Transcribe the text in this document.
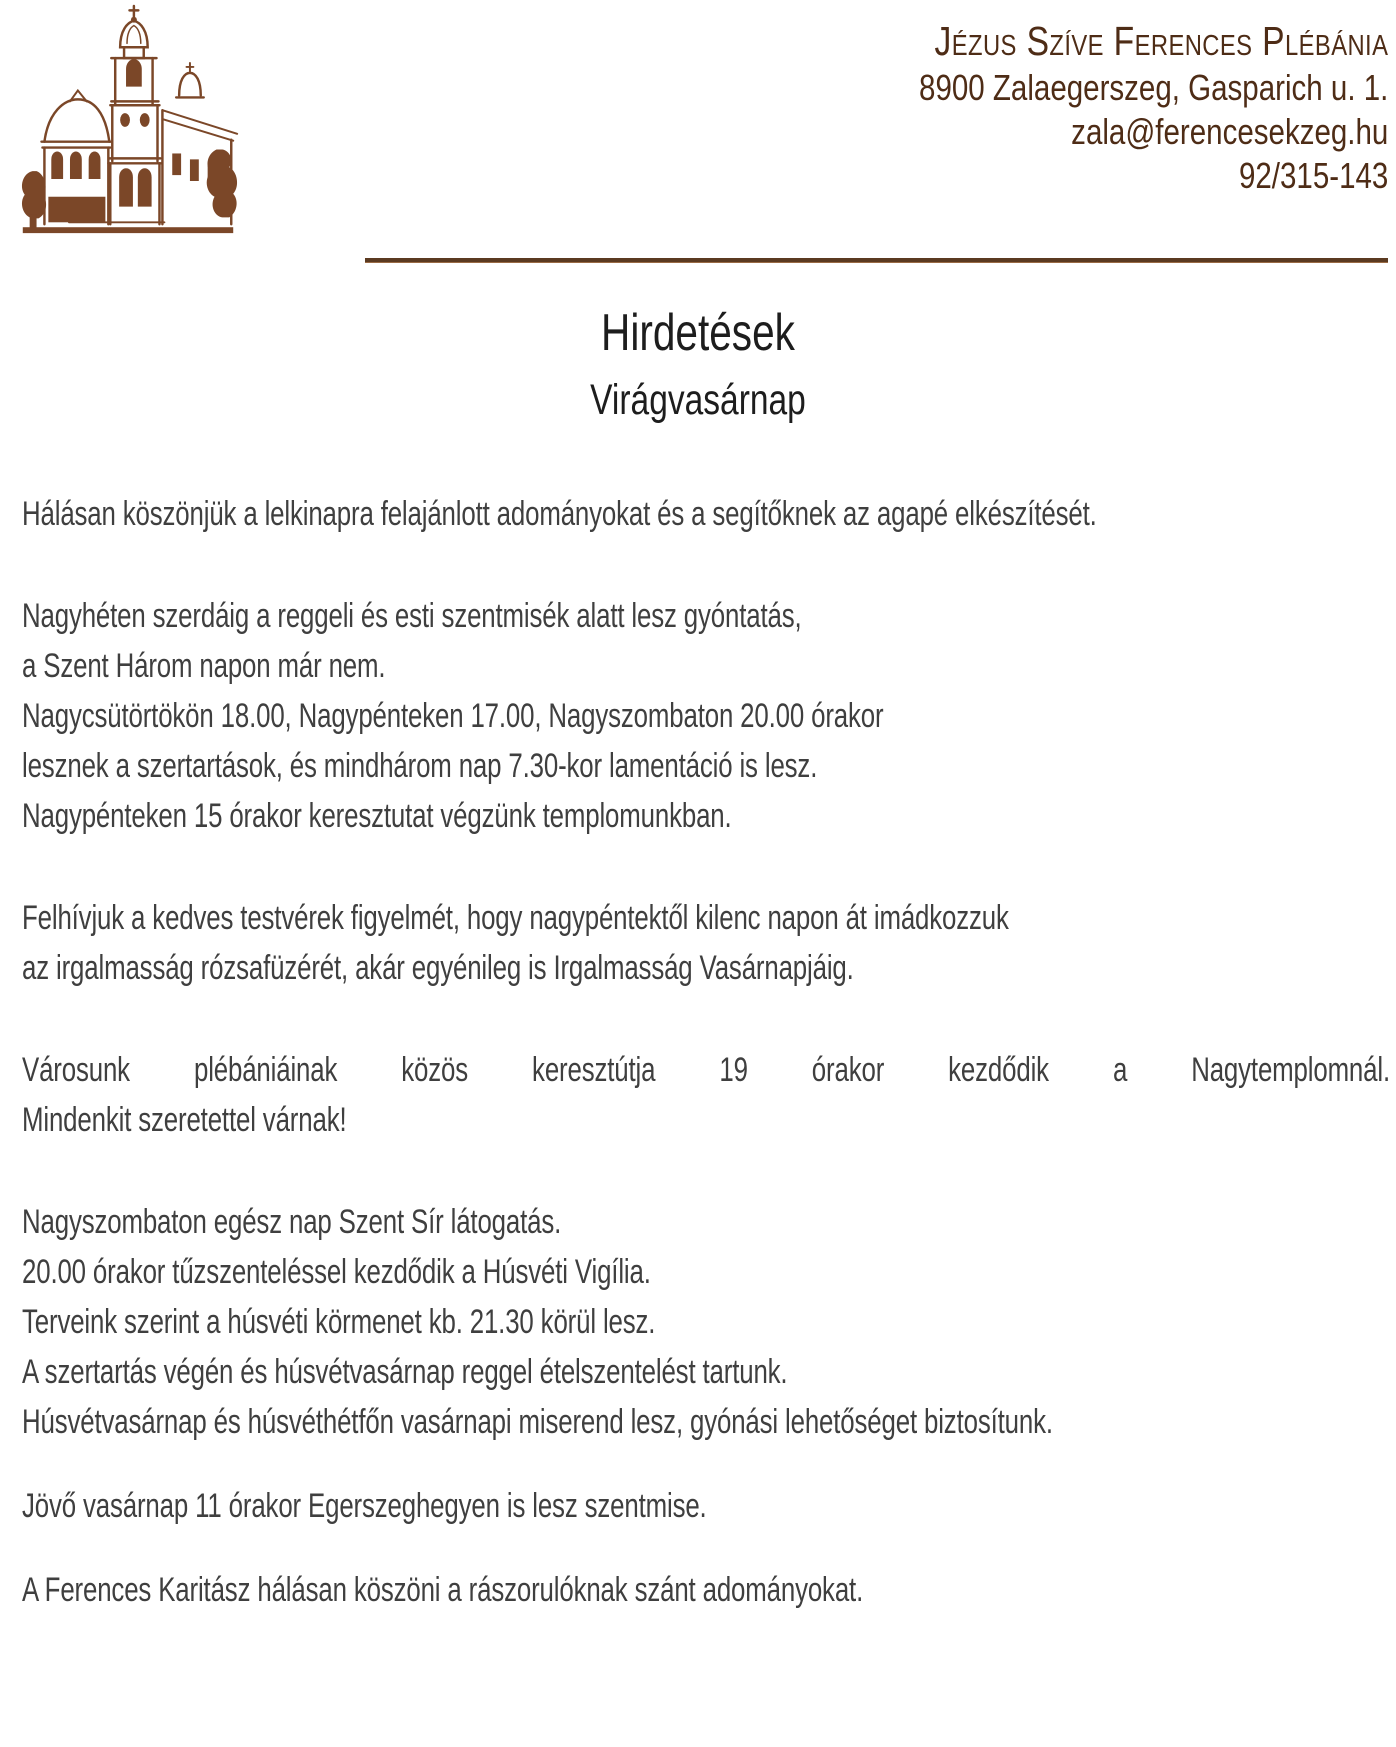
Jézus Szíve Ferences Plébánia
8900 Zalaegerszeg, Gasparich u. 1.
zala@ferencesekzeg.hu
92/315-143
Hirdetések
Virágvasárnap
Hálásan köszönjük a lelkinapra felajánlott adományokat és a segítőknek az agapé elkészítését.
Nagyhéten szerdáig a reggeli és esti szentmisék alatt lesz gyóntatás,
a Szent Három napon már nem.
Nagycsütörtökön 18.00, Nagypénteken 17.00, Nagyszombaton 20.00 órakor
lesznek a szertartások, és mindhárom nap 7.30-kor lamentáció is lesz.
Nagypénteken 15 órakor keresztutat végzünk templomunkban.
Felhívjuk a kedves testvérek figyelmét, hogy nagypéntektől kilenc napon át imádkozzuk
az irgalmasság rózsafüzérét, akár egyénileg is Irgalmasság Vasárnapjáig.
Városunk plébániáinak közös keresztútja 19 órakor kezdődik a Nagytemplomnál.
Mindenkit szeretettel várnak!
Nagyszombaton egész nap Szent Sír látogatás.
20.00 órakor tűzszenteléssel kezdődik a Húsvéti Vigília.
Terveink szerint a húsvéti körmenet kb. 21.30 körül lesz.
A szertartás végén és húsvétvasárnap reggel ételszentelést tartunk.
Húsvétvasárnap és húsvéthétfőn vasárnapi miserend lesz, gyónási lehetőséget biztosítunk.
Jövő vasárnap 11 órakor Egerszeghegyen is lesz szentmise.
A Ferences Karitász hálásan köszöni a rászorulóknak szánt adományokat.
